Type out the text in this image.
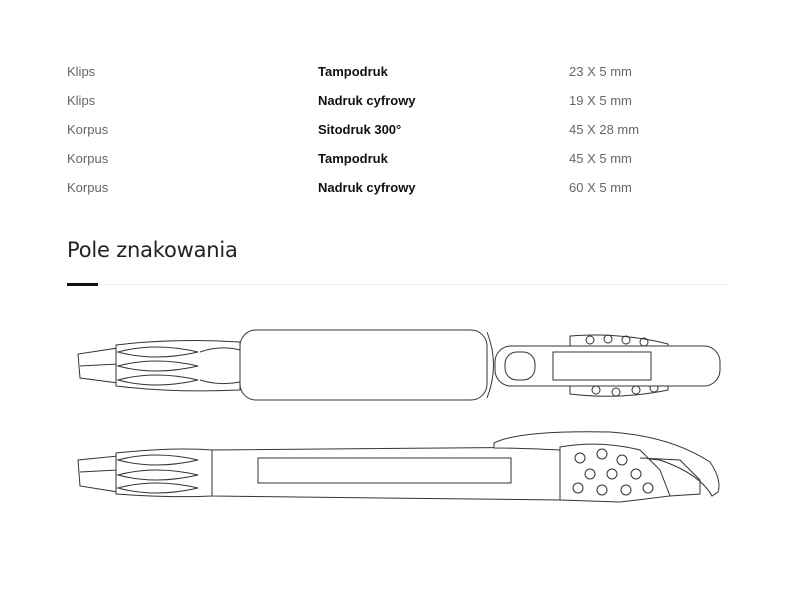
Klips	Tampodruk	23 X 5 mm
Klips	Nadruk cyfrowy	19 X 5 mm
Korpus	Sitodruk 300°	45 X 28 mm
Korpus	Tampodruk	45 X 5 mm
Korpus	Nadruk cyfrowy	60 X 5 mm
Pole znakowania
